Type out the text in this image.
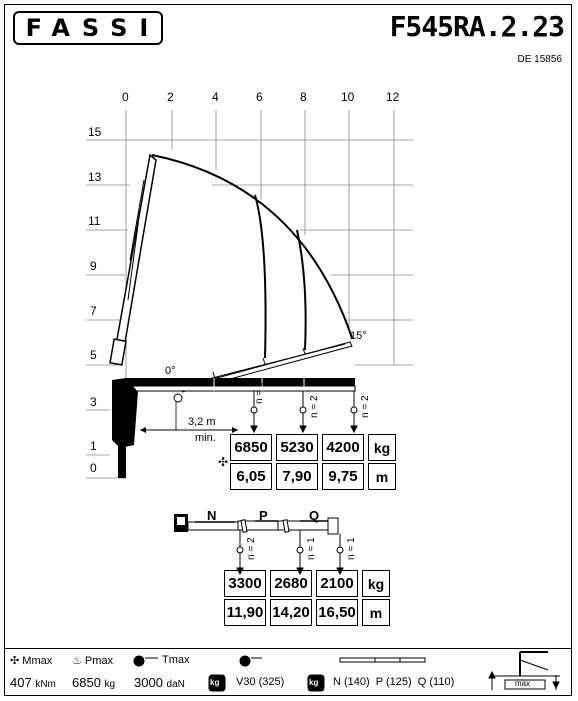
FASSI	F545RA.2.23
DE 15856
0	2	4	6	8	10	12
15
13
11
9
7
5
3
1
0	✣
15°
0°
3,2 m
min.
n = 3
n = 2	n = 2
6850	5230	4200	kg
6,05	7,90	9,75	m
N	P	Q
n = 2	n = 1	n = 1
3300	2680	2100	kg
11,90	14,20	16,50	m
✣ Mmax ♨ Pmax	Tmax
407 kNm 6850 kg 3000 daN	kg V30 (325)	kg N (140)  P (125)  Q (110)	max
